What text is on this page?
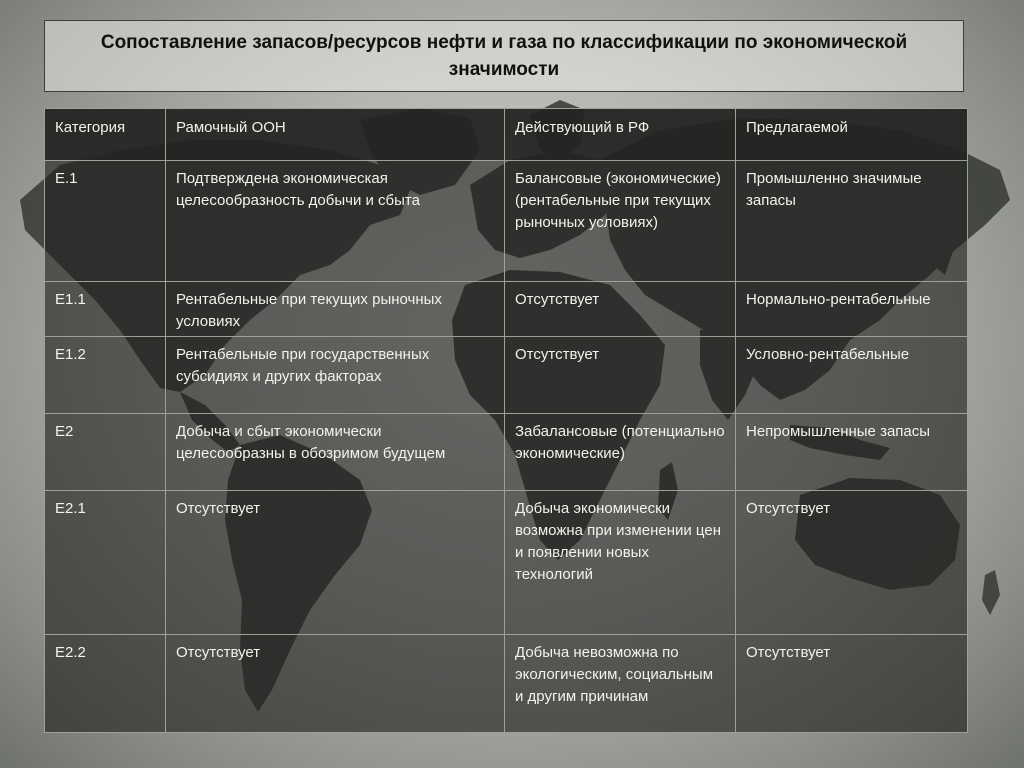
Сопоставление запасов/ресурсов нефти и газа по классификации по экономической значимости
Категория	Рамочный ООН	Действующий в РФ	Предлагаемой
Е.1	Подтверждена экономическая целесообразность добычи и сбыта	Балансовые (экономические) (рентабельные при текущих рыночных условиях)	Промышленно значимые запасы
Е1.1	Рентабельные при текущих рыночных условиях	Отсутствует	Нормально-рентабельные
Е1.2	Рентабельные при государственных субсидиях и других факторах	Отсутствует	Условно-рентабельные
Е2	Добыча и сбыт экономически целесообразны в обозримом будущем	Забалансовые (потенциально экономические)	Непромышленные запасы
Е2.1	Отсутствует	Добыча экономически возможна при изменении цен и появлении новых технологий	Отсутствует
Е2.2	Отсутствует	Добыча невозможна по экологическим, социальным и другим причинам	Отсутствует
